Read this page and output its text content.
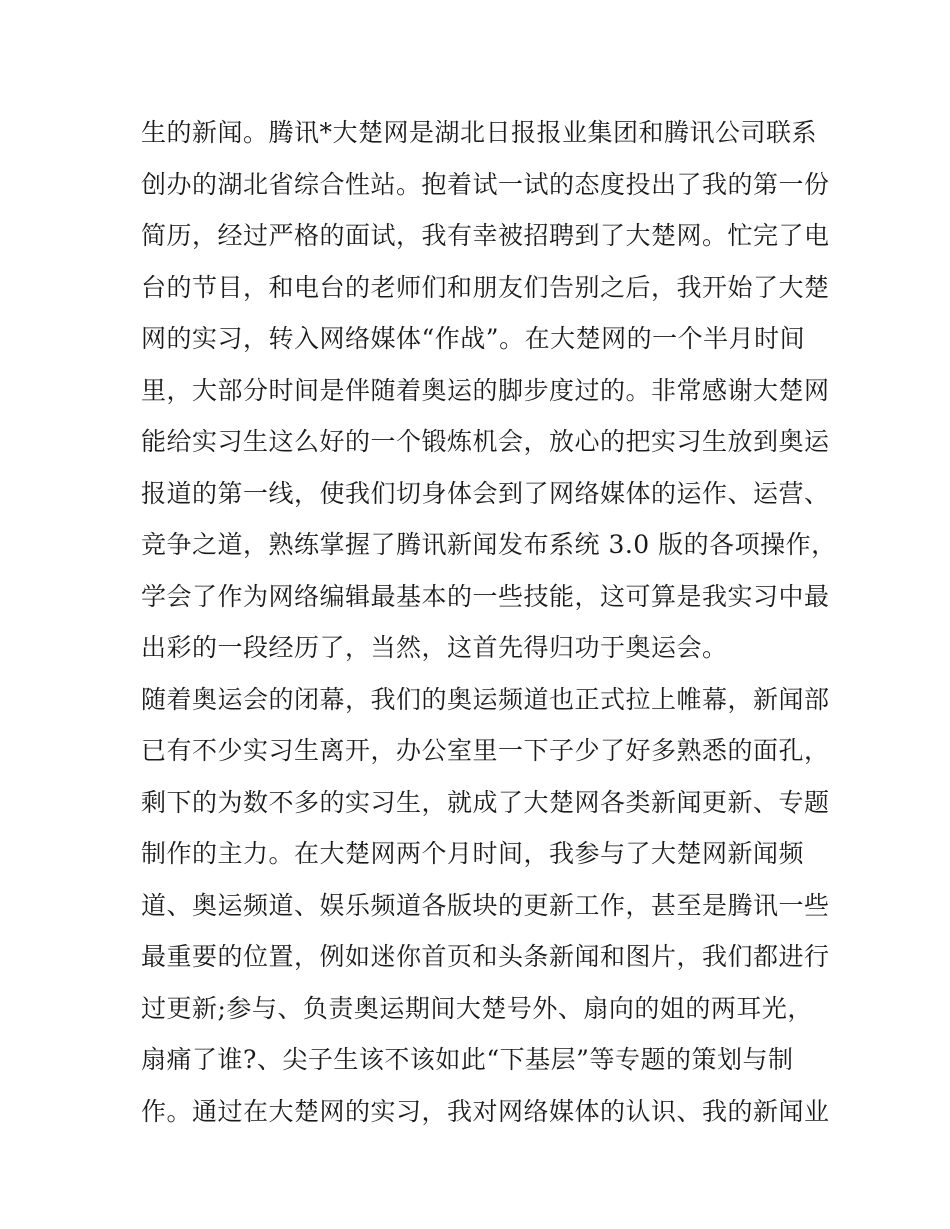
生的新闻。腾讯*大楚网是湖北日报报业集团和腾讯公司联系
创办的湖北省综合性站。抱着试一试的态度投出了我的第一份
简历，经过严格的面试，我有幸被招聘到了大楚网。忙完了电
台的节目，和电台的老师们和朋友们告别之后，我开始了大楚
网的实习，转入网络媒体“作战”。在大楚网的一个半月时间
里，大部分时间是伴随着奥运的脚步度过的。非常感谢大楚网
能给实习生这么好的一个锻炼机会，放心的把实习生放到奥运
报道的第一线，使我们切身体会到了网络媒体的运作、运营、
竞争之道，熟练掌握了腾讯新闻发布系统 3.0 版的各项操作，
学会了作为网络编辑最基本的一些技能，这可算是我实习中最
出彩的一段经历了，当然，这首先得归功于奥运会。
随着奥运会的闭幕，我们的奥运频道也正式拉上帷幕，新闻部
已有不少实习生离开，办公室里一下子少了好多熟悉的面孔，
剩下的为数不多的实习生，就成了大楚网各类新闻更新、专题
制作的主力。在大楚网两个月时间，我参与了大楚网新闻频
道、奥运频道、娱乐频道各版块的更新工作，甚至是腾讯一些
最重要的位置，例如迷你首页和头条新闻和图片，我们都进行
过更新;参与、负责奥运期间大楚号外、扇向的姐的两耳光，
扇痛了谁?、尖子生该不该如此“下基层”等专题的策划与制
作。通过在大楚网的实习，我对网络媒体的认识、我的新闻业
